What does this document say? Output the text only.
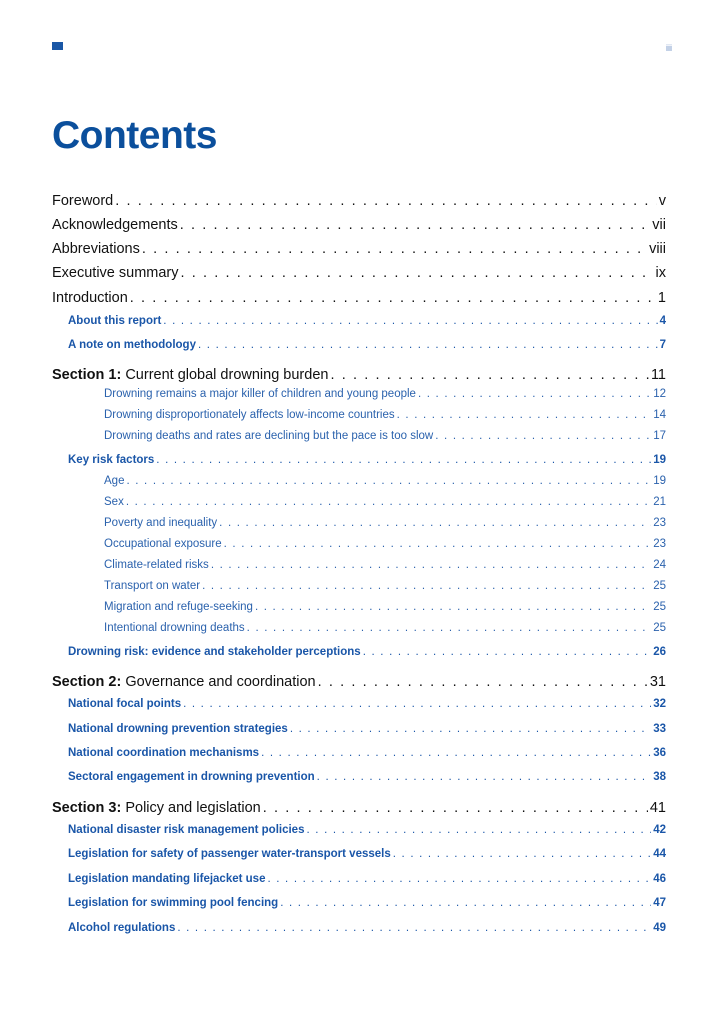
iii
Contents
Foreword . . .	v
Acknowledgements . . .	vii
Abbreviations . . .	viii
Executive summary . . .	ix
Introduction . . .	1
About this report . . .	4
A note on methodology . . .	7
Section 1: Current global drowning burden . . .	11
Drowning remains a major killer of children and young people . . .	12
Drowning disproportionately affects low-income countries . . .	14
Drowning deaths and rates are declining but the pace is too slow . . .	17
Key risk factors . . .	19
Age . . .	19
Sex . . .	21
Poverty and inequality . . .	23
Occupational exposure . . .	23
Climate-related risks . . .	24
Transport on water . . .	25
Migration and refuge-seeking . . .	25
Intentional drowning deaths . . .	25
Drowning risk: evidence and stakeholder perceptions . . .	26
Section 2: Governance and coordination . . .	31
National focal points . . .	32
National drowning prevention strategies . . .	33
National coordination mechanisms . . .	36
Sectoral engagement in drowning prevention . . .	38
Section 3: Policy and legislation . . .	41
National disaster risk management policies . . .	42
Legislation for safety of passenger water-transport vessels . . .	44
Legislation mandating lifejacket use . . .	46
Legislation for swimming pool fencing . . .	47
Alcohol regulations . . .	49
